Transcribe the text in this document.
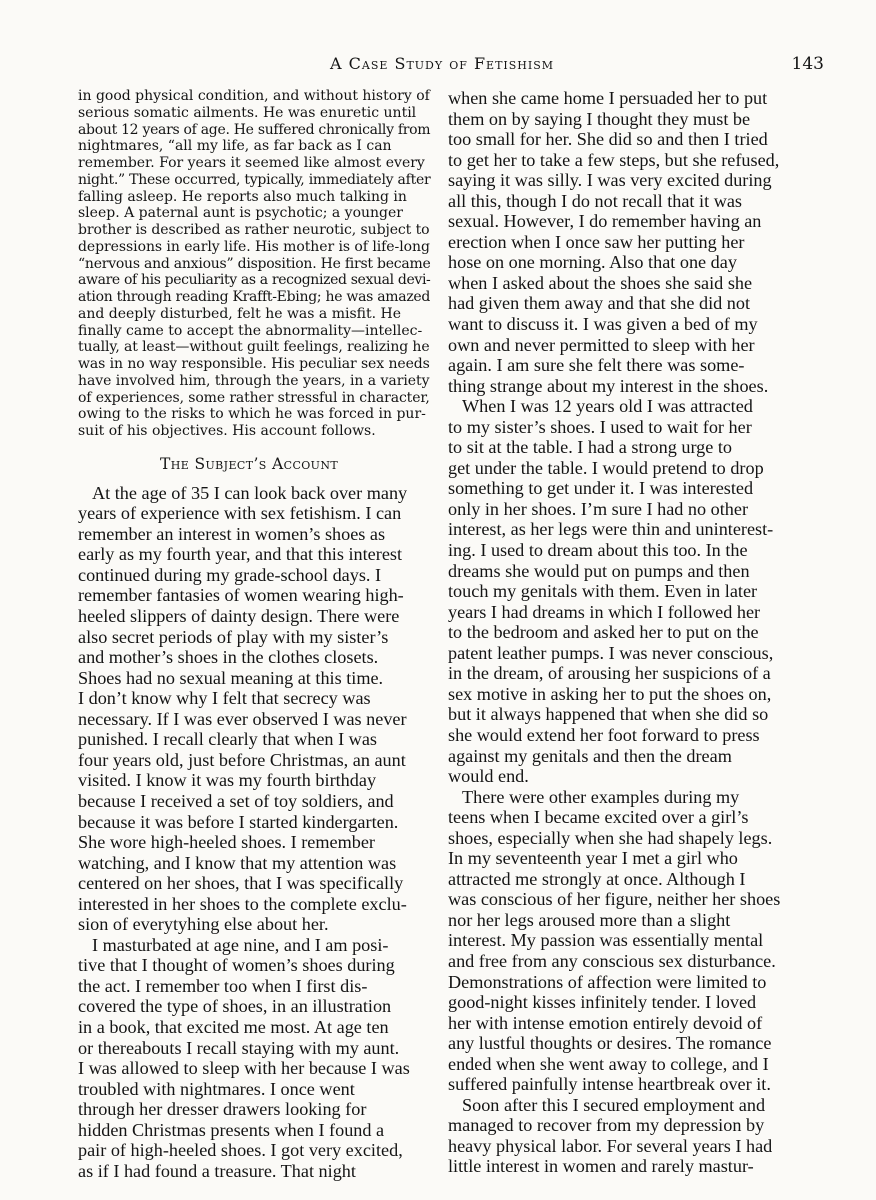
A Case Study of Fetishism	143
in good physical condition, and without history of
serious somatic ailments. He was enuretic until
about 12 years of age. He suffered chronically from
nightmares, “all my life, as far back as I can
remember. For years it seemed like almost every
night.” These occurred, typically, immediately after
falling asleep. He reports also much talking in
sleep. A paternal aunt is psychotic; a younger
brother is described as rather neurotic, subject to
depressions in early life. His mother is of life-long
“nervous and anxious” disposition. He first became
aware of his peculiarity as a recognized sexual devi-
ation through reading Krafft-Ebing; he was amazed
and deeply disturbed, felt he was a misfit. He
finally came to accept the abnormality—intellec-
tually, at least—without guilt feelings, realizing he
was in no way responsible. His peculiar sex needs
have involved him, through the years, in a variety
of experiences, some rather stressful in character,
owing to the risks to which he was forced in pur-
suit of his objectives. His account follows.
The Subject’s Account
At the age of 35 I can look back over many
years of experience with sex fetishism. I can
remember an interest in women’s shoes as
early as my fourth year, and that this interest
continued during my grade-school days. I
remember fantasies of women wearing high-
heeled slippers of dainty design. There were
also secret periods of play with my sister’s
and mother’s shoes in the clothes closets.
Shoes had no sexual meaning at this time.
I don’t know why I felt that secrecy was
necessary. If I was ever observed I was never
punished. I recall clearly that when I was
four years old, just before Christmas, an aunt
visited. I know it was my fourth birthday
because I received a set of toy soldiers, and
because it was before I started kindergarten.
She wore high-heeled shoes. I remember
watching, and I know that my attention was
centered on her shoes, that I was specifically
interested in her shoes to the complete exclu-
sion of everytyhing else about her.
I masturbated at age nine, and I am posi-
tive that I thought of women’s shoes during
the act. I remember too when I first dis-
covered the type of shoes, in an illustration
in a book, that excited me most. At age ten
or thereabouts I recall staying with my aunt.
I was allowed to sleep with her because I was
troubled with nightmares. I once went
through her dresser drawers looking for
hidden Christmas presents when I found a
pair of high-heeled shoes. I got very excited,
as if I had found a treasure. That night
when she came home I persuaded her to put
them on by saying I thought they must be
too small for her. She did so and then I tried
to get her to take a few steps, but she refused,
saying it was silly. I was very excited during
all this, though I do not recall that it was
sexual. However, I do remember having an
erection when I once saw her putting her
hose on one morning. Also that one day
when I asked about the shoes she said she
had given them away and that she did not
want to discuss it. I was given a bed of my
own and never permitted to sleep with her
again. I am sure she felt there was some-
thing strange about my interest in the shoes.
When I was 12 years old I was attracted
to my sister’s shoes. I used to wait for her
to sit at the table. I had a strong urge to
get under the table. I would pretend to drop
something to get under it. I was interested
only in her shoes. I’m sure I had no other
interest, as her legs were thin and uninterest-
ing. I used to dream about this too. In the
dreams she would put on pumps and then
touch my genitals with them. Even in later
years I had dreams in which I followed her
to the bedroom and asked her to put on the
patent leather pumps. I was never conscious,
in the dream, of arousing her suspicions of a
sex motive in asking her to put the shoes on,
but it always happened that when she did so
she would extend her foot forward to press
against my genitals and then the dream
would end.
There were other examples during my
teens when I became excited over a girl’s
shoes, especially when she had shapely legs.
In my seventeenth year I met a girl who
attracted me strongly at once. Although I
was conscious of her figure, neither her shoes
nor her legs aroused more than a slight
interest. My passion was essentially mental
and free from any conscious sex disturbance.
Demonstrations of affection were limited to
good-night kisses infinitely tender. I loved
her with intense emotion entirely devoid of
any lustful thoughts or desires. The romance
ended when she went away to college, and I
suffered painfully intense heartbreak over it.
Soon after this I secured employment and
managed to recover from my depression by
heavy physical labor. For several years I had
little interest in women and rarely mastur-
